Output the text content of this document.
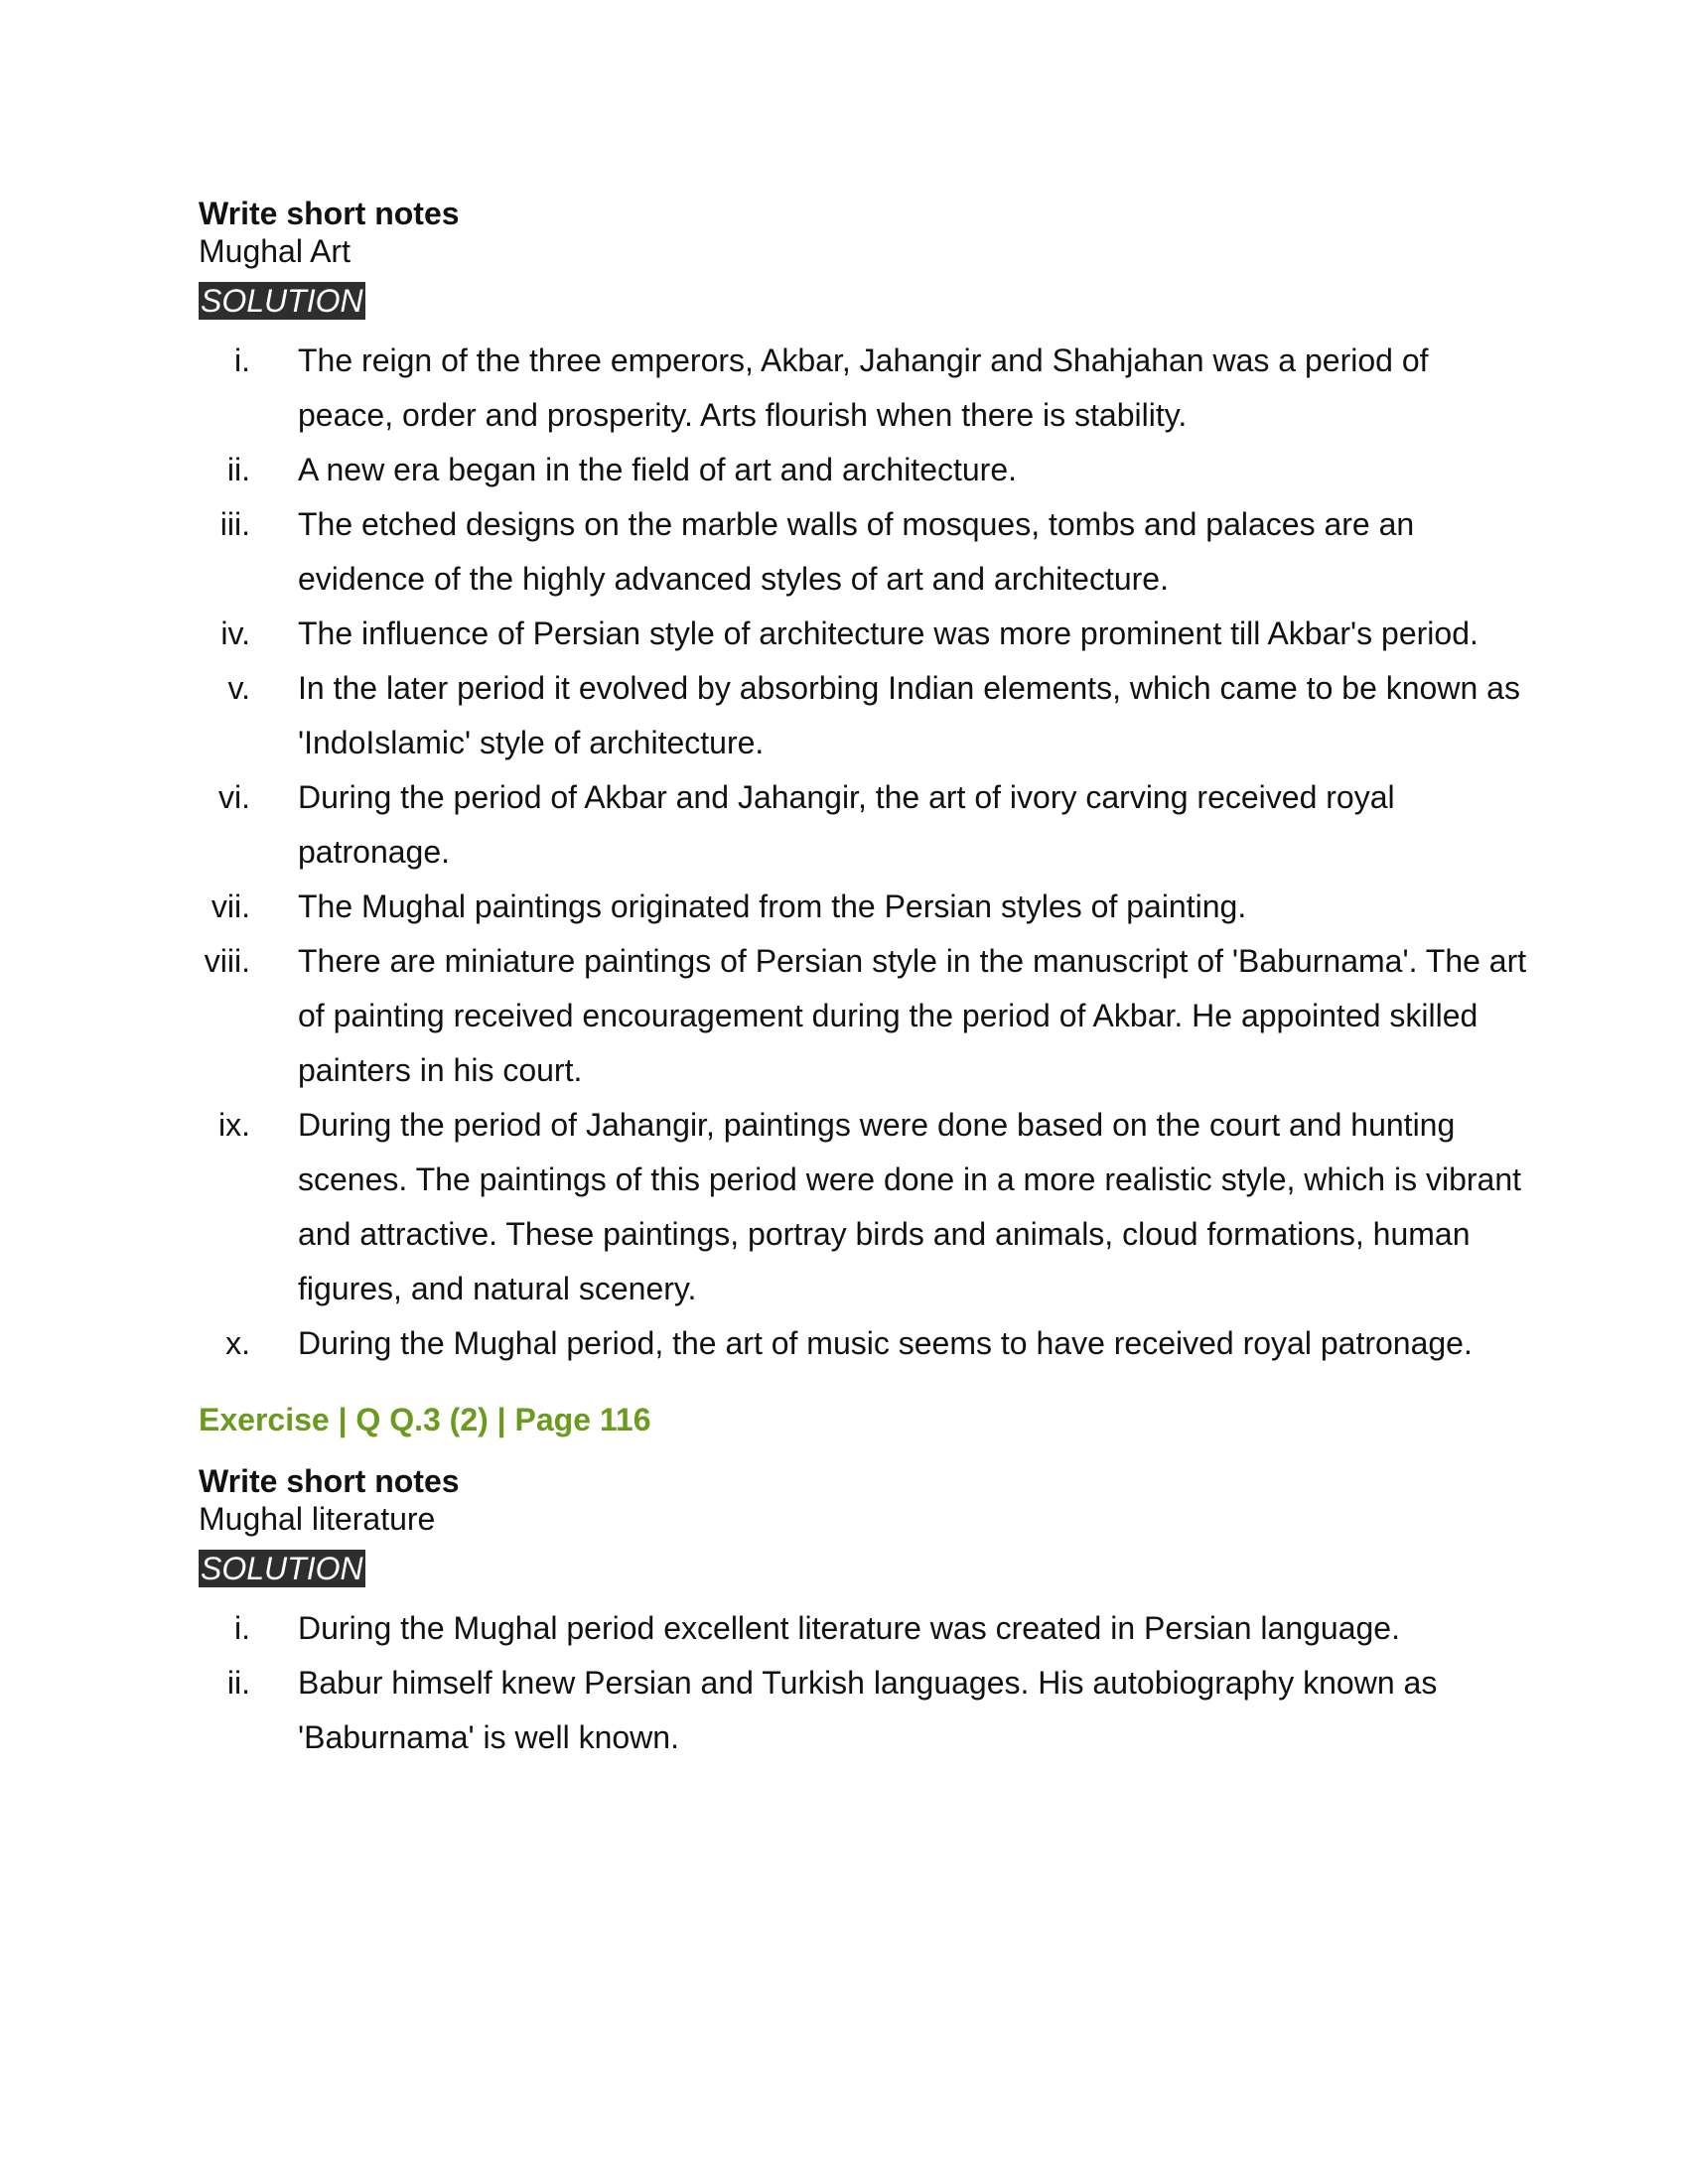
Write short notes
Mughal Art
SOLUTION
i. The reign of the three emperors, Akbar, Jahangir and Shahjahan was a period of peace, order and prosperity. Arts flourish when there is stability.
ii. A new era began in the field of art and architecture.
iii. The etched designs on the marble walls of mosques, tombs and palaces are an evidence of the highly advanced styles of art and architecture.
iv. The influence of Persian style of architecture was more prominent till Akbar's period.
v. In the later period it evolved by absorbing Indian elements, which came to be known as 'IndoIslamic' style of architecture.
vi. During the period of Akbar and Jahangir, the art of ivory carving received royal patronage.
vii. The Mughal paintings originated from the Persian styles of painting.
viii. There are miniature paintings of Persian style in the manuscript of 'Baburnama'. The art of painting received encouragement during the period of Akbar. He appointed skilled painters in his court.
ix. During the period of Jahangir, paintings were done based on the court and hunting scenes. The paintings of this period were done in a more realistic style, which is vibrant and attractive. These paintings, portray birds and animals, cloud formations, human figures, and natural scenery.
x. During the Mughal period, the art of music seems to have received royal patronage.
Exercise | Q Q.3 (2) | Page 116
Write short notes
Mughal literature
SOLUTION
i. During the Mughal period excellent literature was created in Persian language.
ii. Babur himself knew Persian and Turkish languages. His autobiography known as 'Baburnama' is well known.
